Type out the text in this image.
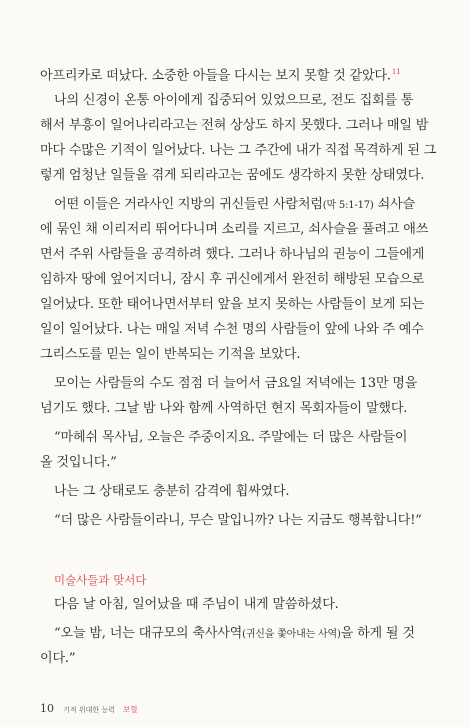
아프리카로 떠났다. 소중한 아들을 다시는 보지 못할 것 같았다.$^{11}$
나의 신경이 온통 아이에게 집중되어 있었으므로, 전도 집회를 통
해서 부흥이 일어나리라고는 전혀 상상도 하지 못했다. 그러나 매일 밤
마다 수많은 기적이 일어났다. 나는 그 주간에 내가 직접 목격하게 된 그
렇게 엄청난 일들을 겪게 되리라고는 꿈에도 생각하지 못한 상태였다.
어떤 이들은 거라사인 지방의 귀신들린 사람처럼(막 5:1-17) 쇠사슬
에 묶인 채 이리저리 뛰어다니며 소리를 지르고, 쇠사슬을 풀려고 애쓰
면서 주위 사람들을 공격하려 했다. 그러나 하나님의 권능이 그들에게
임하자 땅에 엎어지더니, 잠시 후 귀신에게서 완전히 해방된 모습으로
일어났다. 또한 태어나면서부터 앞을 보지 못하는 사람들이 보게 되는
일이 일어났다. 나는 매일 저녁 수천 명의 사람들이 앞에 나와 주 예수
그리스도를 믿는 일이 반복되는 기적을 보았다.
모이는 사람들의 수도 점점 더 늘어서 금요일 저녁에는 13만 명을
넘기도 했다. 그날 밤 나와 함께 사역하던 현지 목회자들이 말했다.
“마헤쉬 목사님, 오늘은 주중이지요. 주말에는 더 많은 사람들이
올 것입니다.”
나는 그 상태로도 충분히 감격에 휩싸였다.
“더 많은 사람들이라니, 무슨 말입니까? 나는 지금도 행복합니다!”
미술사들과 맞서다
다음 날 아침, 일어났을 때 주님이 내게 말씀하셨다.
“오늘 밤, 너는 대규모의 축사사역(귀신을 쫓아내는 사역)을 하게 될 것
이다.”
10 기적 위대한 능력 보혈
